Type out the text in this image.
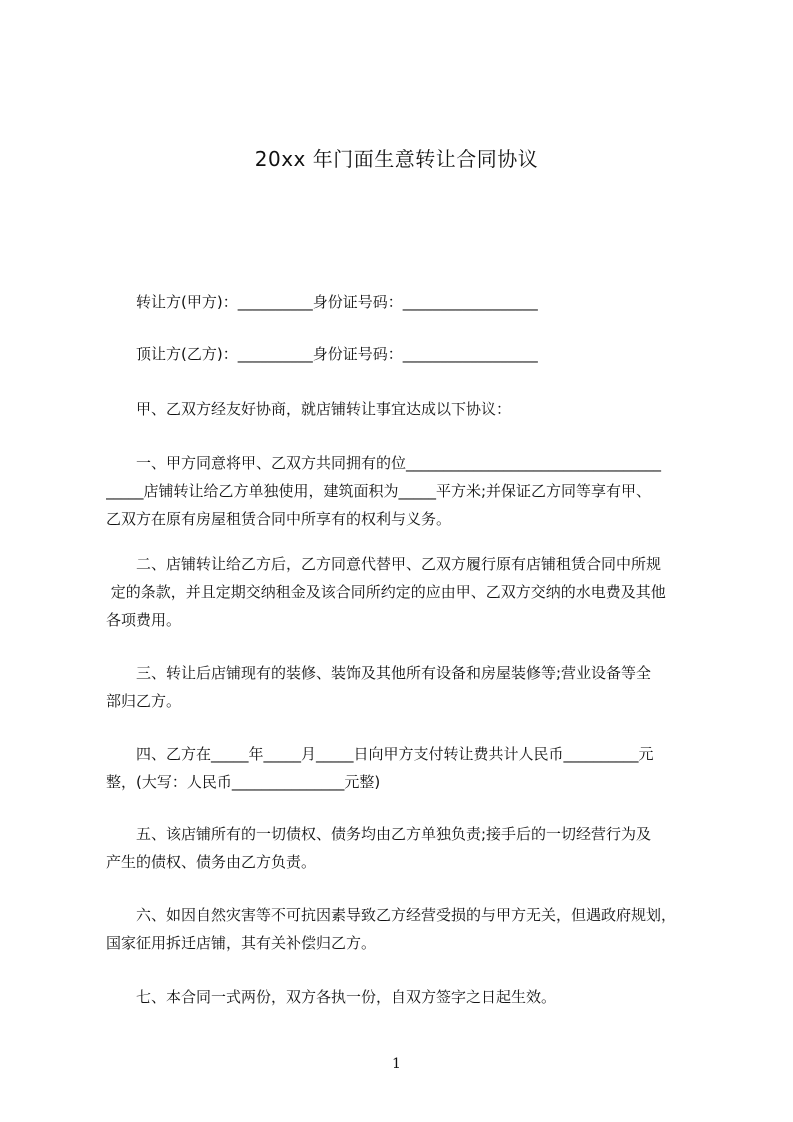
20xx 年门面生意转让合同协议
转让方(甲方)：__________身份证号码：__________________
顶让方(乙方)：__________身份证号码：__________________
甲、乙双方经友好协商，就店铺转让事宜达成以下协议：
一、甲方同意将甲、乙双方共同拥有的位__________________________________
_____店铺转让给乙方单独使用，建筑面积为_____平方米;并保证乙方同等享有甲、
乙双方在原有房屋租赁合同中所享有的权利与义务。
二、店铺转让给乙方后，乙方同意代替甲、乙双方履行原有店铺租赁合同中所规
定的条款，并且定期交纳租金及该合同所约定的应由甲、乙双方交纳的水电费及其他
各项费用。
三、转让后店铺现有的装修、装饰及其他所有设备和房屋装修等;营业设备等全
部归乙方。
四、乙方在_____年_____月_____日向甲方支付转让费共计人民币__________元
整，(大写：人民币_______________元整)
五、该店铺所有的一切债权、债务均由乙方单独负责;接手后的一切经营行为及
产生的债权、债务由乙方负责。
六、如因自然灾害等不可抗因素导致乙方经营受损的与甲方无关，但遇政府规划，
国家征用拆迁店铺，其有关补偿归乙方。
七、本合同一式两份，双方各执一份，自双方签字之日起生效。
1
